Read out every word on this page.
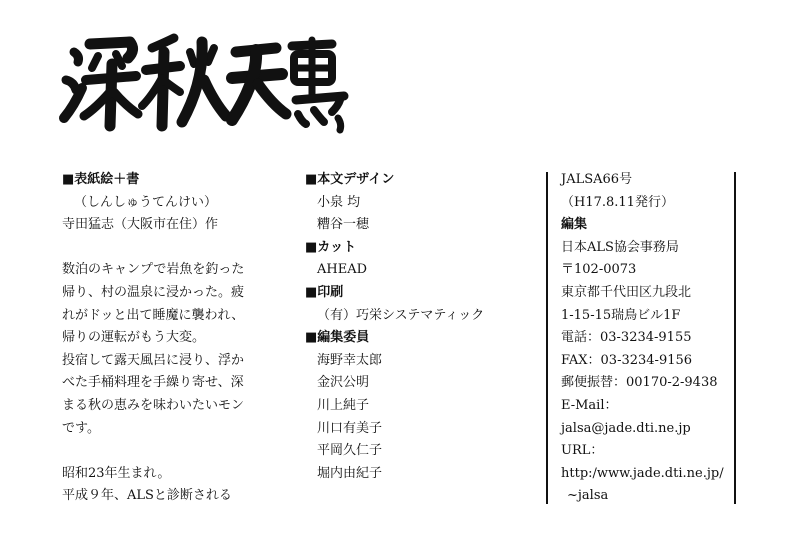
■表紙絵＋書
（しんしゅうてんけい）
寺田猛志（大阪市在住）作
数泊のキャンプで岩魚を釣った
帰り、村の温泉に浸かった。疲
れがドッと出て睡魔に襲われ、
帰りの運転がもう大変。
投宿して露天風呂に浸り、浮か
べた手桶料理を手繰り寄せ、深
まる秋の恵みを味わいたいモン
です。
昭和23年生まれ。
平成９年、ALSと診断される
■本文デザイン
小泉 均
糟谷一穂
■カット
AHEAD
■印刷
（有）巧栄システマティック
■編集委員
海野幸太郎
金沢公明
川上純子
川口有美子
平岡久仁子
堀内由紀子
JALSA66号
（H17.8.11発行）
編集
日本ALS協会事務局
〒102-0073
東京都千代田区九段北
1-15-15瑞鳥ビル1F
電話：03-3234-9155
FAX：03-3234-9156
郵便振替：00170-2-9438
E-Mail：
jalsa@jade.dti.ne.jp
URL：
http:/www.jade.dti.ne.jp/
~jalsa
